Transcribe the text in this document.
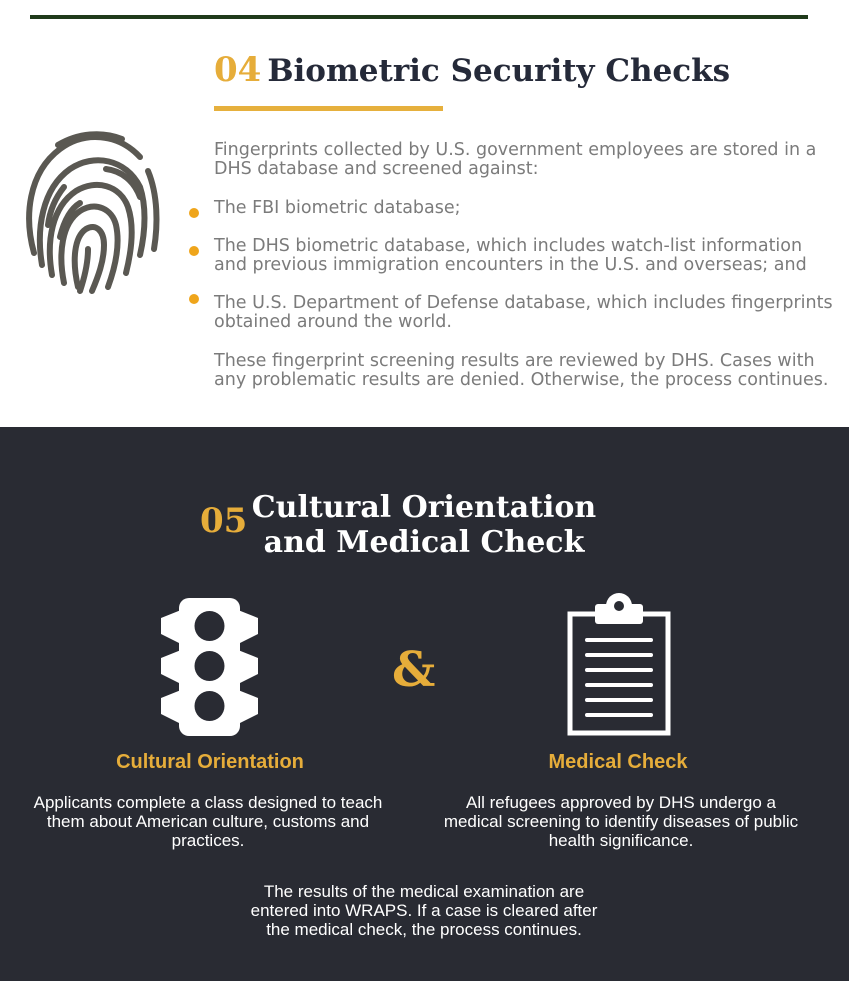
04 Biometric Security Checks
Fingerprints collected by U.S. government employees are stored in a DHS database and screened against:
The FBI biometric database;
The DHS biometric database, which includes watch-list information and previous immigration encounters in the U.S. and overseas; and
The U.S. Department of Defense database, which includes fingerprints obtained around the world.
These fingerprint screening results are reviewed by DHS. Cases with any problematic results are denied. Otherwise, the process continues.
05 Cultural Orientation
and Medical Check
&
Cultural Orientation	Medical Check
Applicants complete a class designed to teach them about American culture, customs and practices.
All refugees approved by DHS undergo a medical screening to identify diseases of public health significance.
The results of the medical examination are entered into WRAPS. If a case is cleared after the medical check, the process continues.
